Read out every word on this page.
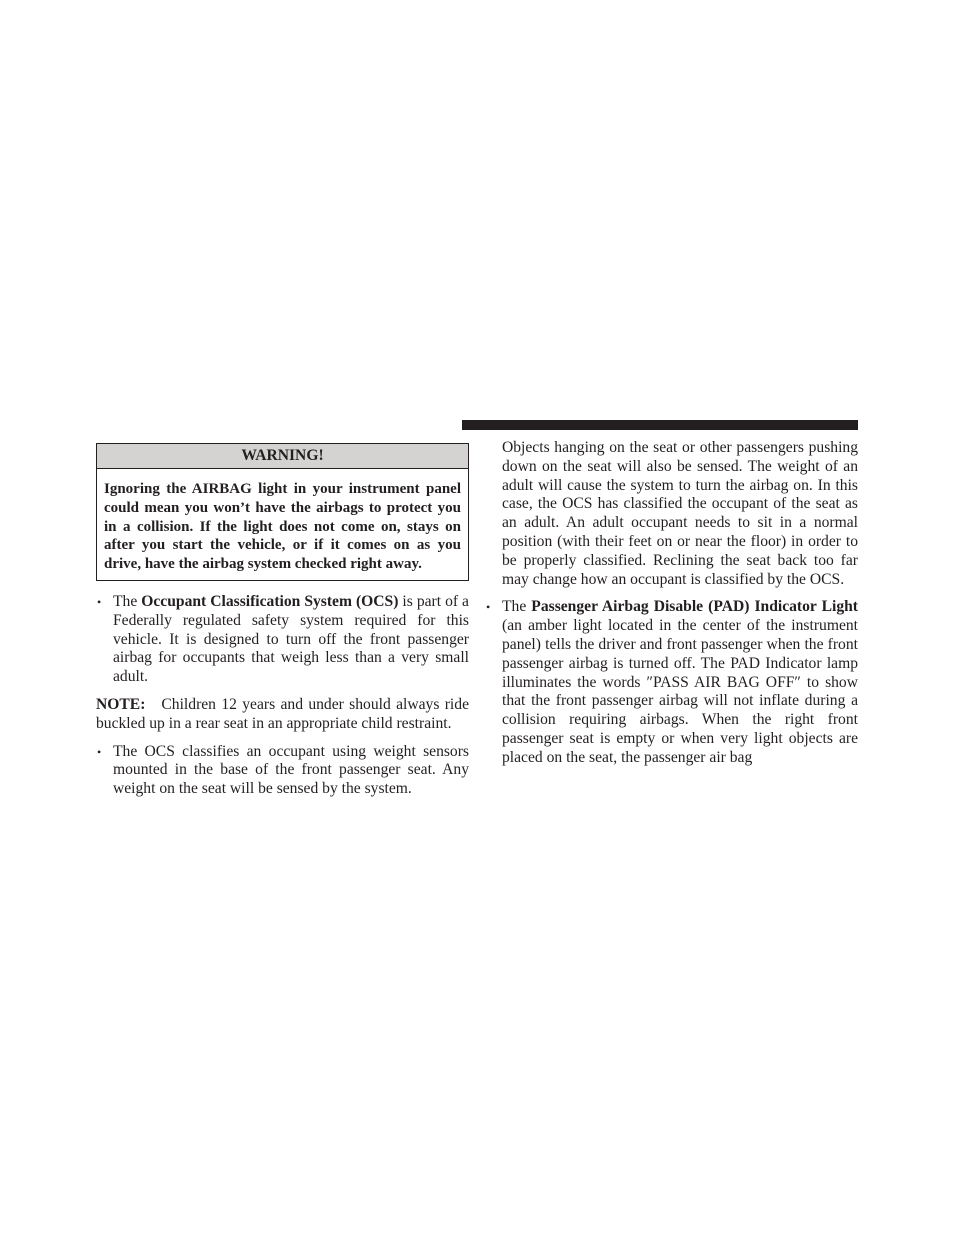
WARNING!
Ignoring the AIRBAG light in your instrument panel could mean you won’t have the airbags to protect you in a collision. If the light does not come on, stays on after you start the vehicle, or if it comes on as you drive, have the airbag system checked right away.
• The Occupant Classification System (OCS) is part of a Federally regulated safety system required for this vehicle. It is designed to turn off the front passenger airbag for occupants that weigh less than a very small adult.
NOTE: Children 12 years and under should always ride buckled up in a rear seat in an appropriate child restraint.
• The OCS classifies an occupant using weight sensors mounted in the base of the front passenger seat. Any weight on the seat will be sensed by the system.
Objects hanging on the seat or other passengers pushing down on the seat will also be sensed. The weight of an adult will cause the system to turn the airbag on. In this case, the OCS has classified the occupant of the seat as an adult. An adult occupant needs to sit in a normal position (with their feet on or near the floor) in order to be properly classified. Reclining the seat back too far may change how an occupant is classified by the OCS.
• The Passenger Airbag Disable (PAD) Indicator Light (an amber light located in the center of the instrument panel) tells the driver and front passenger when the front passenger airbag is turned off. The PAD Indicator lamp illuminates the words ″PASS AIR BAG OFF″ to show that the front passenger airbag will not inflate during a collision requiring airbags. When the right front passenger seat is empty or when very light objects are placed on the seat, the passenger air bag
